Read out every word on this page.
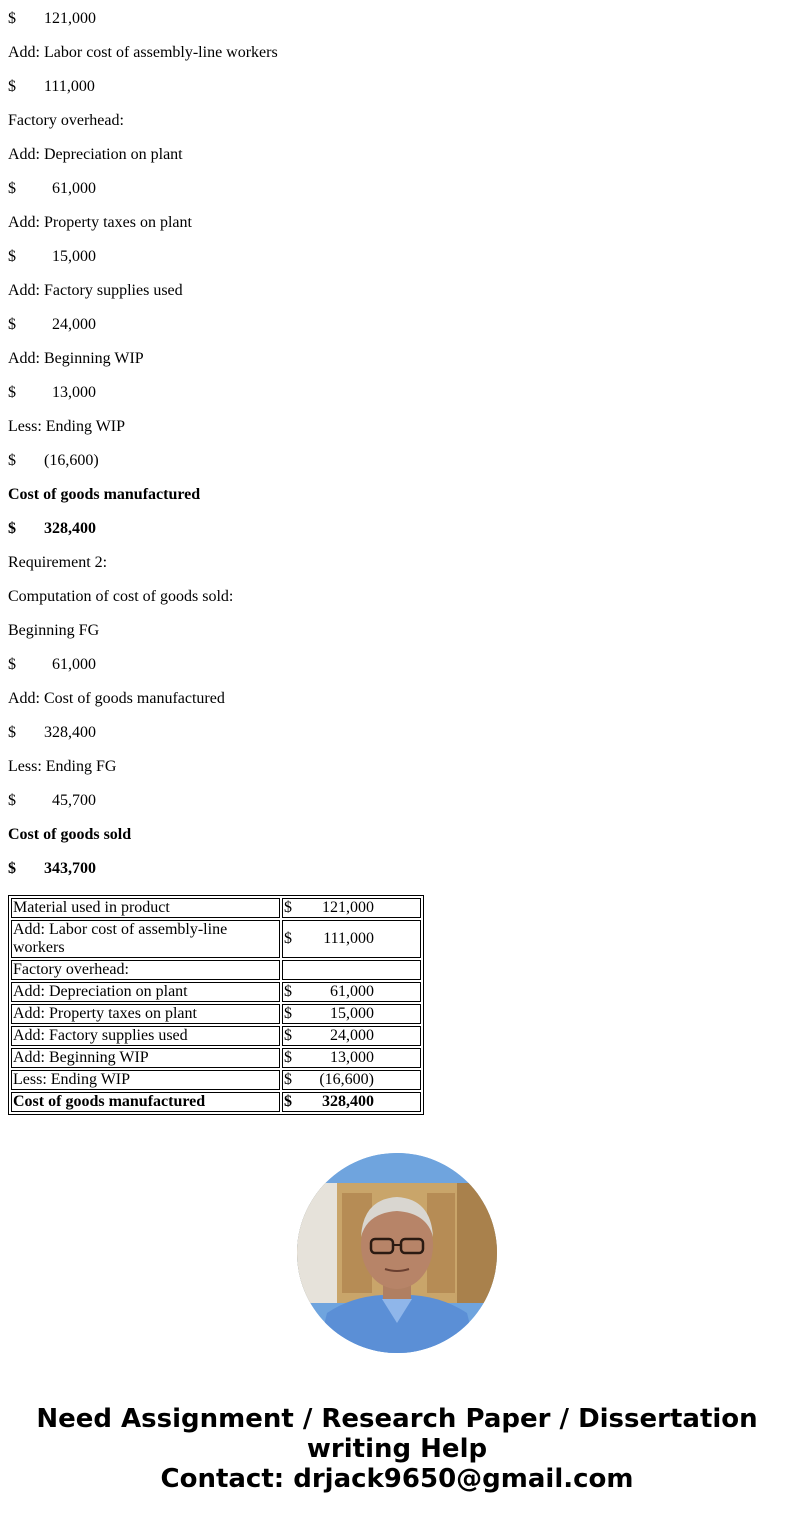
$ 121,000
Add: Labor cost of assembly-line workers
$ 111,000
Factory overhead:
Add: Depreciation on plant
$  61,000
Add: Property taxes on plant
$  15,000
Add: Factory supplies used
$  24,000
Add: Beginning WIP
$  13,000
Less: Ending WIP
$ (16,600)
Cost of goods manufactured
$ 328,400
Requirement 2:
Computation of cost of goods sold:
Beginning FG
$  61,000
Add: Cost of goods manufactured
$ 328,400
Less: Ending FG
$  45,700
Cost of goods sold
$ 343,700
Material used in product	$ 121,000
Add: Labor cost of assembly-line workers	$ 111,000
Factory overhead:	
Add: Depreciation on plant	$ 61,000
Add: Property taxes on plant	$ 15,000
Add: Factory supplies used	$ 24,000
Add: Beginning WIP	$ 13,000
Less: Ending WIP	$ (16,600)
Cost of goods manufactured	$ 328,400
Need Assignment / Research Paper / Dissertation writing Help
Contact: drjack9650@gmail.com
